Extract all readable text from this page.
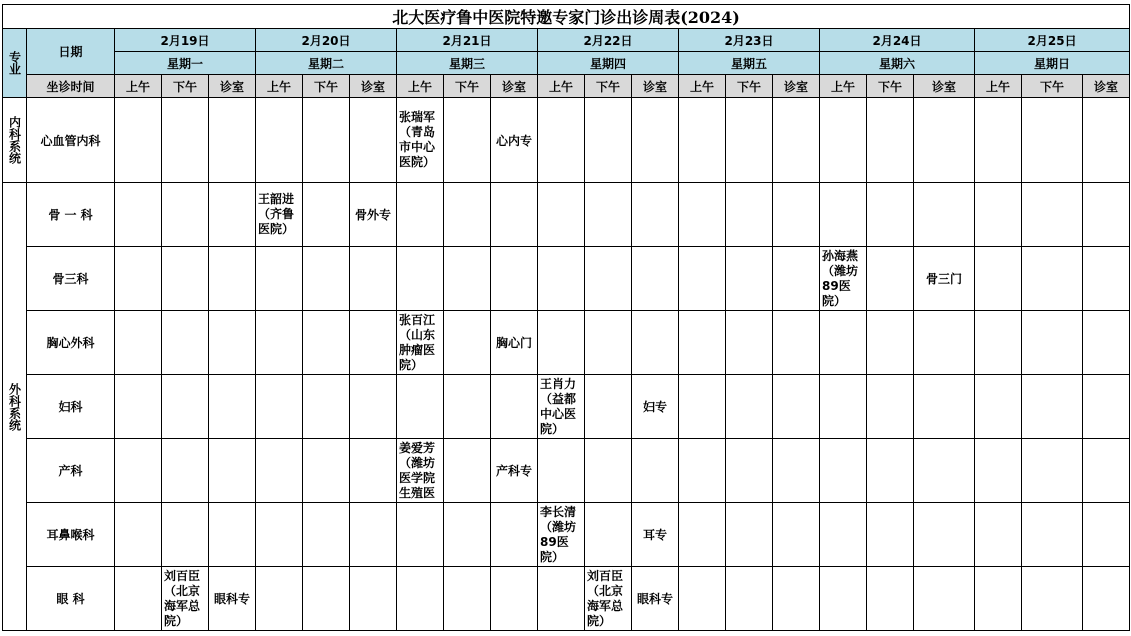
北大医疗鲁中医院特邀专家门诊出诊周表(2024)																						
专业	日期	2月19日			2月20日			2月21日			2月22日			2月23日			2月24日			2月25日		
		星期一			星期二			星期三			星期四			星期五			星期六			星期日		
	坐诊时间	上午	下午	诊室	上午	下午	诊室	上午	下午	诊室	上午	下午	诊室	上午	下午	诊室	上午	下午	诊室	上午	下午	诊室
内科系统	心血管内科							张瑞军（青岛市中心医院）		心内专												
外科系统	骨 一 科				王韶进（齐鲁医院）		骨外专															
	骨三科																孙海燕（潍坊89医院）		骨三门			
	胸心外科							张百江（山东肿瘤医院）		胸心门												
	妇科										王肖力（益都中心医院）		妇专									
	产科							姜爱芳（潍坊医学院生殖医		产科专												
	耳鼻喉科										李长清（潍坊89医院）		耳专									
	眼 科		刘百臣（北京海军总院）	眼科专								刘百臣（北京海军总院）	眼科专									
